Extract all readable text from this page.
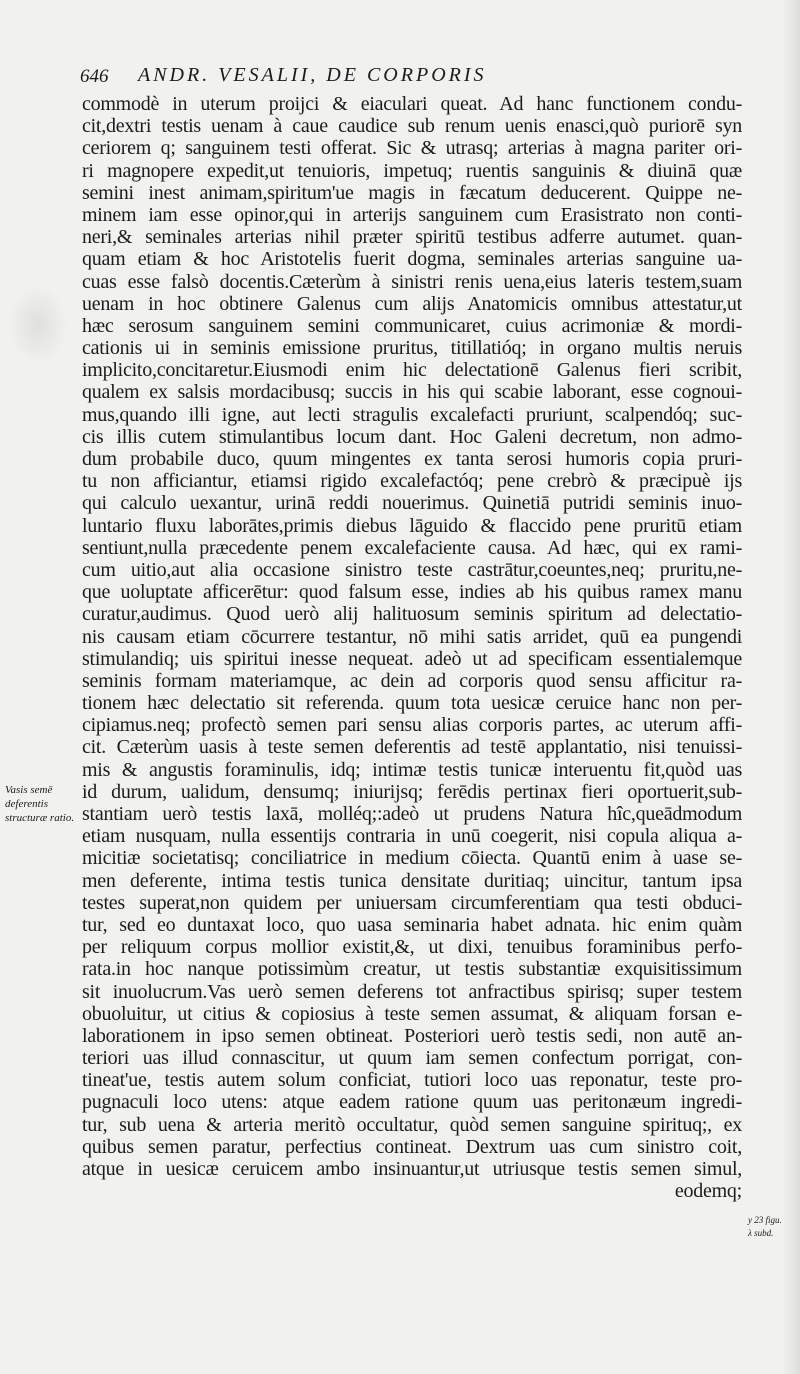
646 ANDR. VESALII, DE CORPORIS
Vasis semē deferentis structuræ ratio.
y 23 figu.
λ subd.
commodè in uterum proijci & eiaculari queat. Ad hanc functionem condu-
cit,dextri testis uenam à caue caudice sub renum uenis enasci,quò puriorē syn
ceriorem q; sanguinem testi offerat. Sic & utrasq; arterias à magna pariter ori-
ri magnopere expedit,ut tenuioris, impetuq; ruentis sanguinis & diuinā quæ
semini inest animam,spiritum'ue magis in fæcatum deducerent. Quippe ne-
minem iam esse opinor,qui in arterijs sanguinem cum Erasistrato non conti-
neri,& seminales arterias nihil præter spiritū testibus adferre autumet. quan-
quam etiam & hoc Aristotelis fuerit dogma, seminales arterias sanguine ua-
cuas esse falsò docentis.Cæterùm à sinistri renis uena,eius lateris testem,suam
uenam in hoc obtinere Galenus cum alijs Anatomicis omnibus attestatur,ut
hæc serosum sanguinem semini communicaret, cuius acrimoniæ & mordi-
cationis ui in seminis emissione pruritus, titillatióq; in organo multis neruis
implicito,concitaretur.Eiusmodi enim hic delectationē Galenus fieri scribit,
qualem ex salsis mordacibusq; succis in his qui scabie laborant, esse cognoui-
mus,quando illi igne, aut lecti stragulis excalefacti pruriunt, scalpendóq; suc-
cis illis cutem stimulantibus locum dant. Hoc Galeni decretum, non admo-
dum probabile duco, quum mingentes ex tanta serosi humoris copia pruri-
tu non afficiantur, etiamsi rigido excalefactóq; pene crebrò & præcipuè ijs
qui calculo uexantur, urinā reddi nouerimus. Quinetiā putridi seminis inuo-
luntario fluxu laborātes,primis diebus lāguido & flaccido pene pruritū etiam
sentiunt,nulla præcedente penem excalefaciente causa. Ad hæc, qui ex rami-
cum uitio,aut alia occasione sinistro teste castrātur,coeuntes,neq; pruritu,ne-
que uoluptate afficerētur: quod falsum esse, indies ab his quibus ramex manu
curatur,audimus. Quod uerò alij halituosum seminis spiritum ad delectatio-
nis causam etiam cōcurrere testantur, nō mihi satis arridet, quū ea pungendi
stimulandiq; uis spiritui inesse nequeat. adeò ut ad specificam essentialemque
seminis formam materiamque, ac dein ad corporis quod sensu afficitur ra-
tionem hæc delectatio sit referenda. quum tota uesicæ ceruice hanc non per-
cipiamus.neq; profectò semen pari sensu alias corporis partes, ac uterum affi-
cit. Cæterùm uasis à teste semen deferentis ad testē applantatio, nisi tenuissi-
mis & angustis foraminulis, idq; intimæ testis tunicæ interuentu fit,quòd uas
id durum, ualidum, densumq; iniurijsq; ferēdis pertinax fieri oportuerit,sub-
stantiam uerò testis laxā, molléq;:adeò ut prudens Natura hîc,queādmodum
etiam nusquam, nulla essentijs contraria in unū coegerit, nisi copula aliqua a-
micitiæ societatisq; conciliatrice in medium cōiecta. Quantū enim à uase se-
men deferente, intima testis tunica densitate duritiaq; uincitur, tantum ipsa
testes superat,non quidem per uniuersam circumferentiam qua testi obduci-
tur, sed eo duntaxat loco, quo uasa seminaria habet adnata. hic enim quàm
per reliquum corpus mollior existit,&, ut dixi, tenuibus foraminibus perfo-
rata.in hoc nanque potissimùm creatur, ut testis substantiæ exquisitissimum
sit inuolucrum.Vas uerò semen deferens tot anfractibus spirisq; super testem
obuoluitur, ut citius & copiosius à teste semen assumat, & aliquam forsan e-
laborationem in ipso semen obtineat. Posteriori uerò testis sedi, non autē an-
teriori uas illud connascitur, ut quum iam semen confectum porrigat, con-
tineat'ue, testis autem solum conficiat, tutiori loco uas reponatur, teste pro-
pugnaculi loco utens: atque eadem ratione quum uas peritonæum ingredi-
tur, sub uena & arteria meritò occultatur, quòd semen sanguine spirituq;, ex
quibus semen paratur, perfectius contineat. Dextrum uas cum sinistro coit,
atque in uesicæ ceruicem ambo insinuantur,ut utriusque testis semen simul,
eodemq;
